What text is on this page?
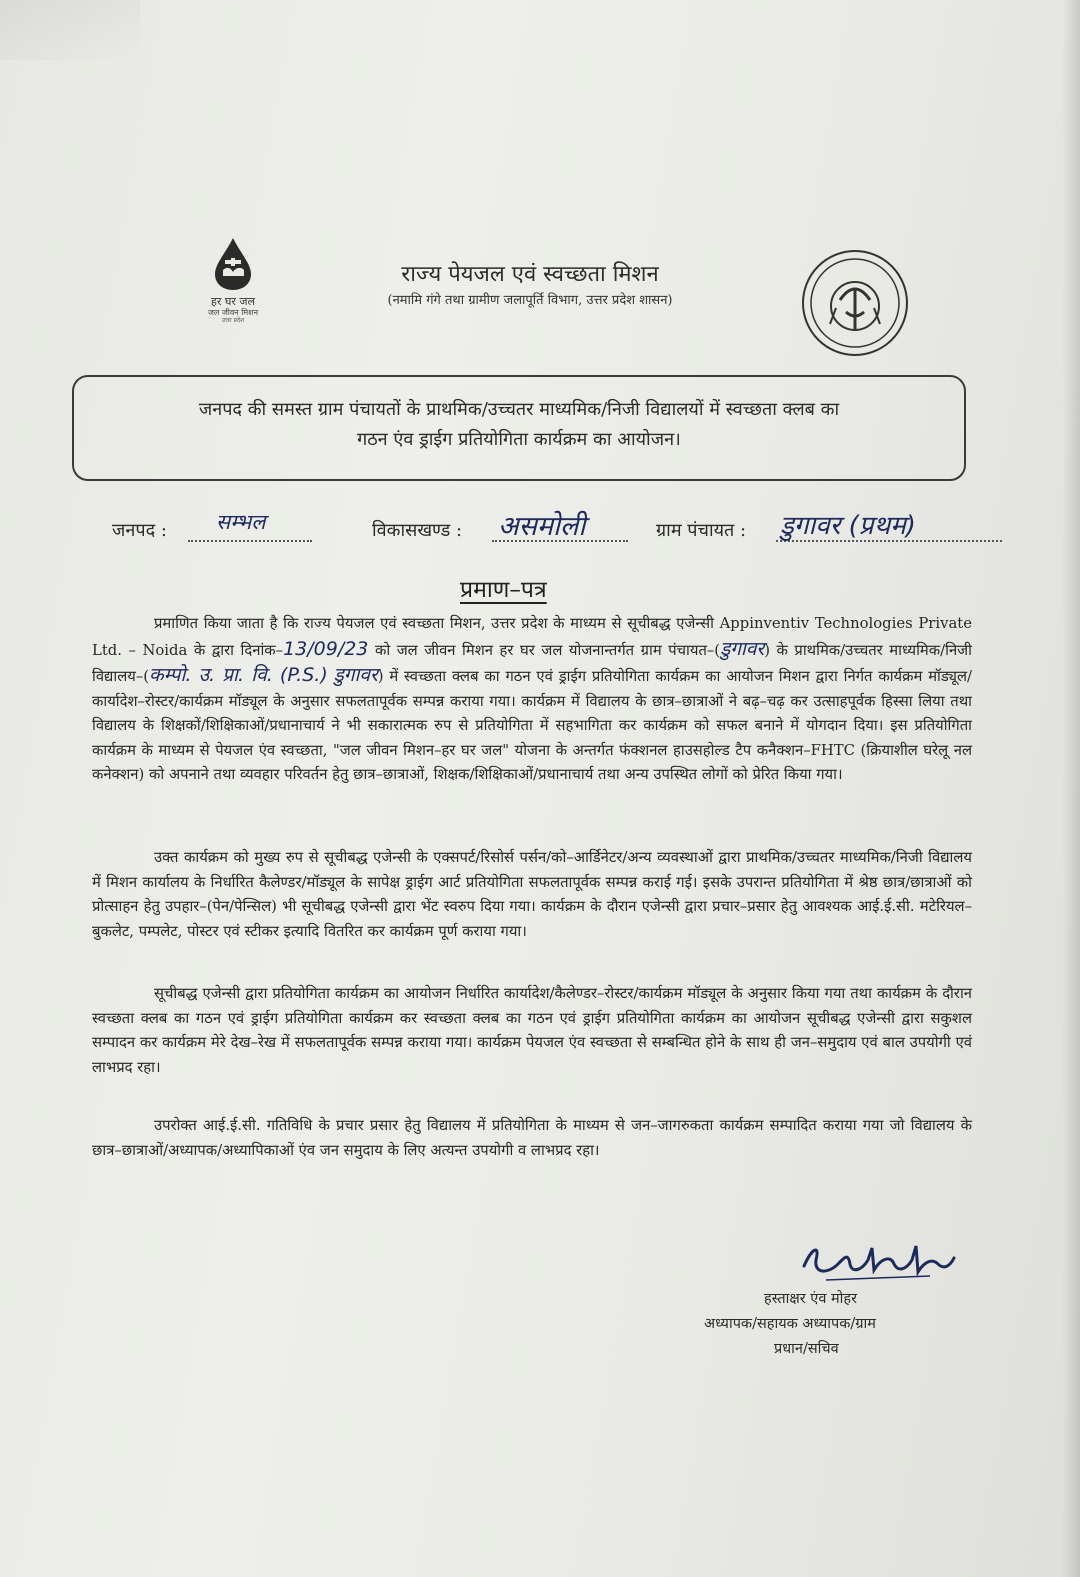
हर घर जल
जल जीवन मिशन
उत्तर प्रदेश
राज्य पेयजल एवं स्वच्छता मिशन
(नमामि गंगे तथा ग्रामीण जलापूर्ति विभाग, उत्तर प्रदेश शासन)
जनपद की समस्त ग्राम पंचायतों के प्राथमिक/उच्चतर माध्यमिक/निजी विद्यालयों में स्वच्छता क्लब का
गठन एंव ड्राईग प्रतियोगिता कार्यक्रम का आयोजन।
जनपद : सम्भल	विकासखण्ड : असमोली	ग्राम पंचायत : डुगावर (प्रथम)
प्रमाण–पत्र
प्रमाणित किया जाता है कि राज्य पेयजल एवं स्वच्छता मिशन, उत्तर प्रदेश के माध्यम से सूचीबद्ध एजेन्सी Appinventiv Technologies Private Ltd. – Noida के द्वारा दिनांक–13/09/23 को जल जीवन मिशन हर घर जल योजनान्तर्गत ग्राम पंचायत–(डुगावर) के प्राथमिक/उच्चतर माध्यमिक/निजी विद्यालय–(कम्पो. उ. प्रा. वि. (P.S.) डुगावर) में स्वच्छता क्लब का गठन एवं ड्राईग प्रतियोगिता कार्यक्रम का आयोजन मिशन द्वारा निर्गत कार्यक्रम मॉड्यूल/कार्यादेश–रोस्टर/कार्यक्रम मॉड्यूल के अनुसार सफलतापूर्वक सम्पन्न कराया गया। कार्यक्रम में विद्यालय के छात्र–छात्राओं ने बढ़–चढ़ कर उत्साहपूर्वक हिस्सा लिया तथा विद्यालय के शिक्षकों/शिक्षिकाओं/प्रधानाचार्य ने भी सकारात्मक रुप से प्रतियोगिता में सहभागिता कर कार्यक्रम को सफल बनाने में योगदान दिया। इस प्रतियोगिता कार्यक्रम के माध्यम से पेयजल एंव स्वच्छता, "जल जीवन मिशन–हर घर जल" योजना के अन्तर्गत फंक्शनल हाउसहोल्ड टैप कनैक्शन–FHTC (क्रियाशील घरेलू नल कनेक्शन) को अपनाने तथा व्यवहार परिवर्तन हेतु छात्र–छात्राओं, शिक्षक/शिक्षिकाओं/प्रधानाचार्य तथा अन्य उपस्थित लोगों को प्रेरित किया गया।
उक्त कार्यक्रम को मुख्य रुप से सूचीबद्ध एजेन्सी के एक्सपर्ट/रिसोर्स पर्सन/को–आर्डिनेटर/अन्य व्यवस्थाओं द्वारा प्राथमिक/उच्चतर माध्यमिक/निजी विद्यालय में मिशन कार्यालय के निर्धारित कैलेण्डर/मॉड्यूल के सापेक्ष ड्राईग आर्ट प्रतियोगिता सफलतापूर्वक सम्पन्न कराई गई। इसके उपरान्त प्रतियोगिता में श्रेष्ठ छात्र/छात्राओं को प्रोत्साहन हेतु उपहार–(पेन/पेन्सिल) भी सूचीबद्ध एजेन्सी द्वारा भेंट स्वरुप दिया गया। कार्यक्रम के दौरान एजेन्सी द्वारा प्रचार–प्रसार हेतु आवश्यक आई.ई.सी. मटेरियल–बुकलेट, पम्पलेट, पोस्टर एवं स्टीकर इत्यादि वितरित कर कार्यक्रम पूर्ण कराया गया।
सूचीबद्ध एजेन्सी द्वारा प्रतियोगिता कार्यक्रम का आयोजन निर्धारित कार्यादेश/कैलेण्डर–रोस्टर/कार्यक्रम मॉड्यूल के अनुसार किया गया तथा कार्यक्रम के दौरान स्वच्छता क्लब का गठन एवं ड्राईग प्रतियोगिता कार्यक्रम कर स्वच्छता क्लब का गठन एवं ड्राईग प्रतियोगिता कार्यक्रम का आयोजन सूचीबद्ध एजेन्सी द्वारा सकुशल सम्पादन कर कार्यक्रम मेरे देख–रेख में सफलतापूर्वक सम्पन्न कराया गया। कार्यक्रम पेयजल एंव स्वच्छता से सम्बन्धित होने के साथ ही जन–समुदाय एवं बाल उपयोगी एवं लाभप्रद रहा।
उपरोक्त आई.ई.सी. गतिविधि के प्रचार प्रसार हेतु विद्यालय में प्रतियोगिता के माध्यम से जन–जागरुकता कार्यक्रम सम्पादित कराया गया जो विद्यालय के छात्र–छात्राओं/अध्यापक/अध्यापिकाओं एंव जन समुदाय के लिए अत्यन्त उपयोगी व लाभप्रद रहा।
हस्ताक्षर एंव मोहर
अध्यापक/सहायक अध्यापक/ग्राम
प्रधान/सचिव
